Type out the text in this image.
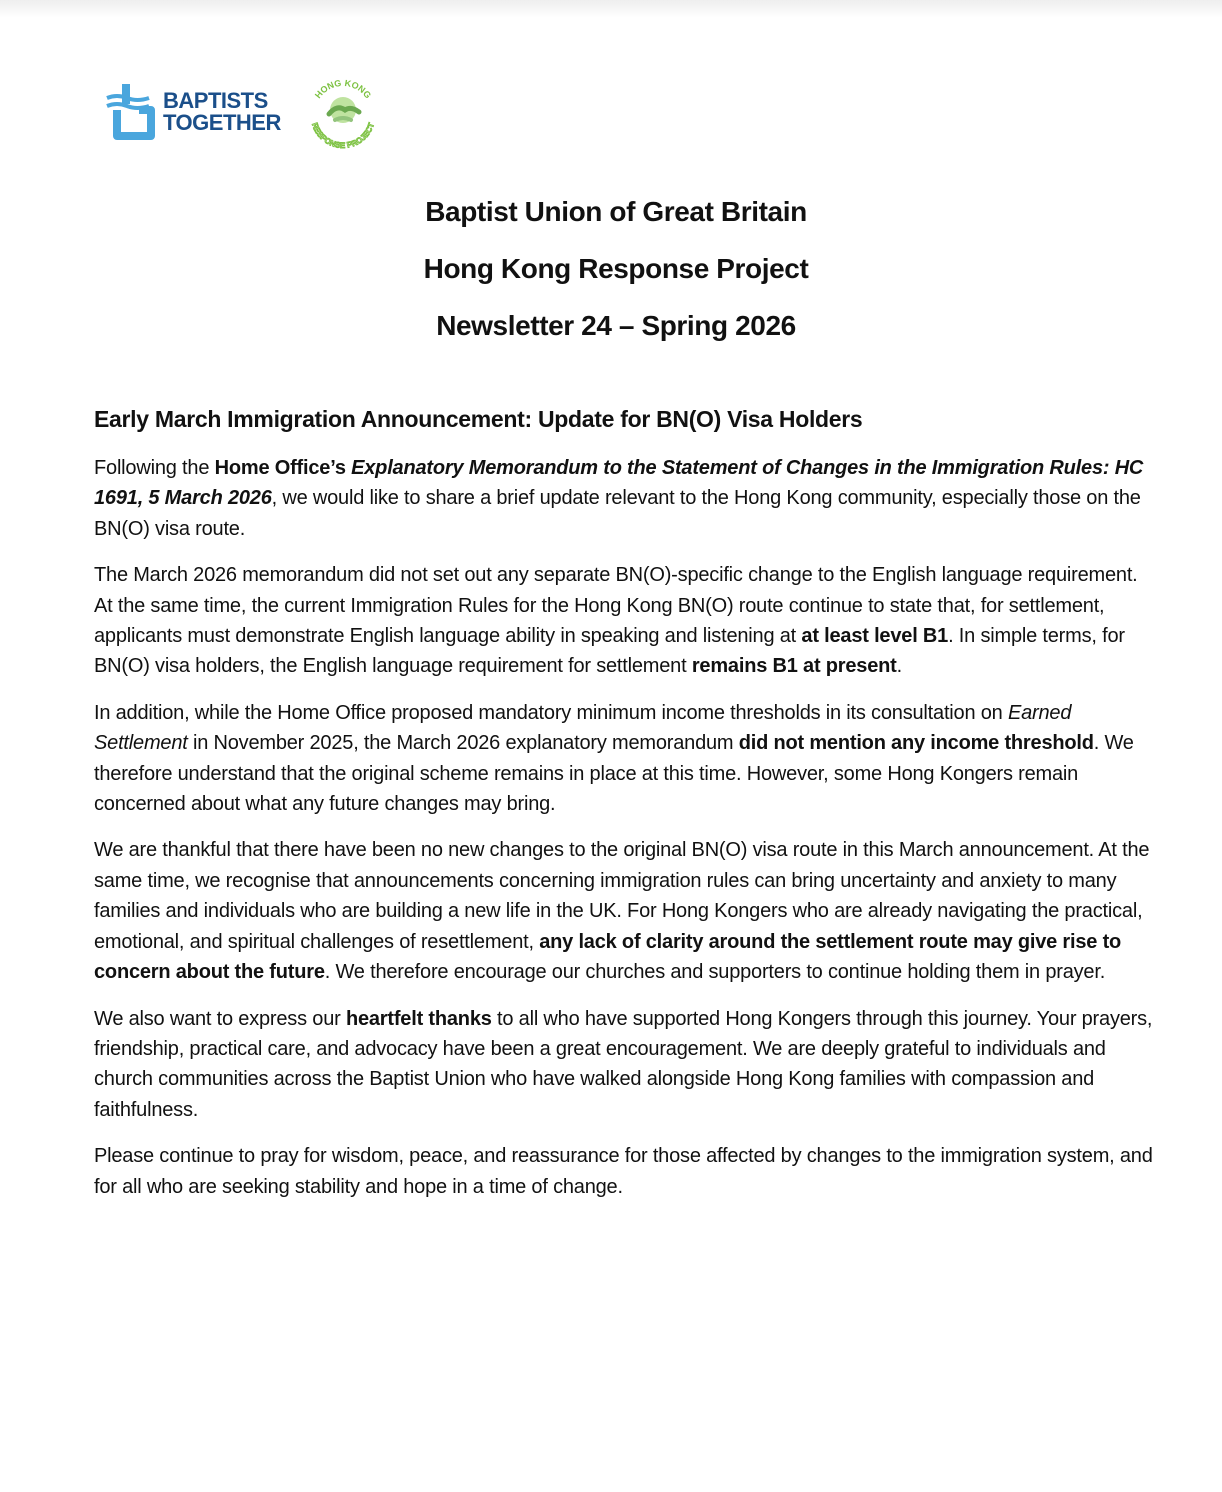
BAPTISTS
TOGETHER
HONG KONG
RESPONSE PROJECT
Baptist Union of Great Britain
Hong Kong Response Project
Newsletter 24 – Spring 2026
Early March Immigration Announcement: Update for BN(O) Visa Holders

Following the Home Office’s Explanatory Memorandum to the Statement of Changes in the Immigration Rules: HC 1691, 5 March 2026, we would like to share a brief update relevant to the Hong Kong community, especially those on the BN(O) visa route.

The March 2026 memorandum did not set out any separate BN(O)-specific change to the English language requirement. At the same time, the current Immigration Rules for the Hong Kong BN(O) route continue to state that, for settlement, applicants must demonstrate English language ability in speaking and listening at at least level B1. In simple terms, for BN(O) visa holders, the English language requirement for settlement remains B1 at present.

In addition, while the Home Office proposed mandatory minimum income thresholds in its consultation on Earned Settlement in November 2025, the March 2026 explanatory memorandum did not mention any income threshold. We therefore understand that the original scheme remains in place at this time. However, some Hong Kongers remain concerned about what any future changes may bring.

We are thankful that there have been no new changes to the original BN(O) visa route in this March announcement. At the same time, we recognise that announcements concerning immigration rules can bring uncertainty and anxiety to many families and individuals who are building a new life in the UK. For Hong Kongers who are already navigating the practical, emotional, and spiritual challenges of resettlement, any lack of clarity around the settlement route may give rise to concern about the future. We therefore encourage our churches and supporters to continue holding them in prayer.

We also want to express our heartfelt thanks to all who have supported Hong Kongers through this journey. Your prayers, friendship, practical care, and advocacy have been a great encouragement. We are deeply grateful to individuals and church communities across the Baptist Union who have walked alongside Hong Kong families with compassion and faithfulness.

Please continue to pray for wisdom, peace, and reassurance for those affected by changes to the immigration system, and for all who are seeking stability and hope in a time of change.
